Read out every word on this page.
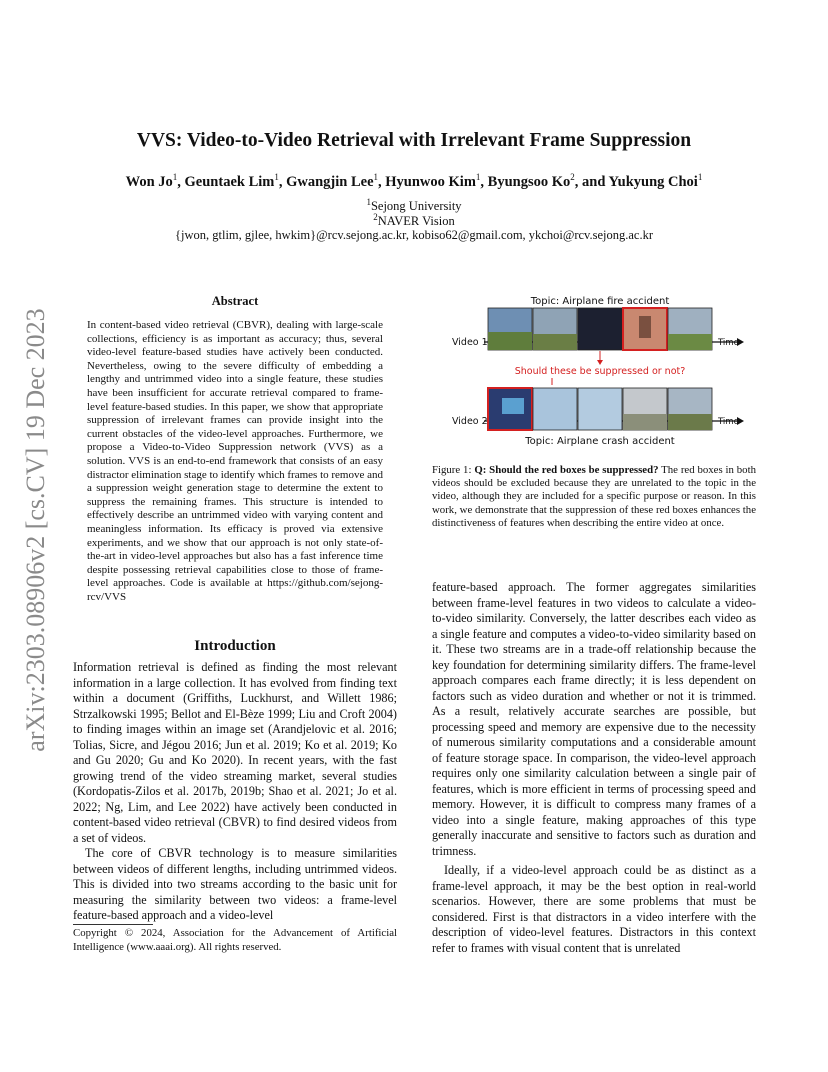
arXiv:2303.08906v2 [cs.CV] 19 Dec 2023
VVS: Video-to-Video Retrieval with Irrelevant Frame Suppression
Won Jo$^1$, Geuntaek Lim$^1$, Gwangjin Lee$^1$, Hyunwoo Kim$^1$, Byungsoo Ko$^2$, and Yukyung Choi$^1$
$^1$Sejong University
$^2$NAVER Vision
{jwon, gtlim, gjlee, hwkim}@rcv.sejong.ac.kr, kobiso62@gmail.com, ykchoi@rcv.sejong.ac.kr
Abstract
In content-based video retrieval (CBVR), dealing with large-scale collections, efficiency is as important as accuracy; thus, several video-level feature-based studies have actively been conducted. Nevertheless, owing to the severe difficulty of embedding a lengthy and untrimmed video into a single feature, these studies have been insufficient for accurate retrieval compared to frame-level feature-based studies. In this paper, we show that appropriate suppression of irrelevant frames can provide insight into the current obstacles of the video-level approaches. Furthermore, we propose a Video-to-Video Suppression network (VVS) as a solution. VVS is an end-to-end framework that consists of an easy distractor elimination stage to identify which frames to remove and a suppression weight generation stage to determine the extent to suppress the remaining frames. This structure is intended to effectively describe an untrimmed video with varying content and meaningless information. Its efficacy is proved via extensive experiments, and we show that our approach is not only state-of-the-art in video-level approaches but also has a fast inference time despite possessing retrieval capabilities close to those of frame-level approaches. Code is available at https://github.com/sejong-rcv/VVS
Topic: Airplane fire accident
Video 1	Time
Should these be suppressed or not?
Video 2	Time
Topic: Airplane crash accident
Figure 1: Q: Should the red boxes be suppressed? The red boxes in both videos should be excluded because they are unrelated to the topic in the video, although they are included for a specific purpose or reason. In this work, we demonstrate that the suppression of these red boxes enhances the distinctiveness of features when describing the entire video at once.
Introduction

Information retrieval is defined as finding the most relevant information in a large collection. It has evolved from finding text within a document (Griffiths, Luckhurst, and Willett 1986; Strzalkowski 1995; Bellot and El-Bèze 1999; Liu and Croft 2004) to finding images within an image set (Arandjelovic et al. 2016; Tolias, Sicre, and Jégou 2016; Jun et al. 2019; Ko et al. 2019; Ko and Gu 2020; Gu and Ko 2020). In recent years, with the fast growing trend of the video streaming market, several studies (Kordopatis-Zilos et al. 2017b, 2019b; Shao et al. 2021; Jo et al. 2022; Ng, Lim, and Lee 2022) have actively been conducted in content-based video retrieval (CBVR) to find desired videos from a set of videos.

The core of CBVR technology is to measure similarities between videos of different lengths, including untrimmed videos. This is divided into two streams according to the basic unit for measuring the similarity between two videos: a frame-level feature-based approach and a video-level

feature-based approach. The former aggregates similarities between frame-level features in two videos to calculate a video-to-video similarity. Conversely, the latter describes each video as a single feature and computes a video-to-video similarity based on it. These two streams are in a trade-off relationship because the key foundation for determining similarity differs. The frame-level approach compares each frame directly; it is less dependent on factors such as video duration and whether or not it is trimmed. As a result, relatively accurate searches are possible, but processing speed and memory are expensive due to the necessity of numerous similarity computations and a considerable amount of feature storage space. In comparison, the video-level approach requires only one similarity calculation between a single pair of features, which is more efficient in terms of processing speed and memory. However, it is difficult to compress many frames of a video into a single feature, making approaches of this type generally inaccurate and sensitive to factors such as duration and trimness.

Ideally, if a video-level approach could be as distinct as a frame-level approach, it may be the best option in real-world scenarios. However, there are some problems that must be considered. First is that distractors in a video interfere with the description of video-level features. Distractors in this context refer to frames with visual content that is unrelated

Copyright © 2024, Association for the Advancement of Artificial Intelligence (www.aaai.org). All rights reserved.
